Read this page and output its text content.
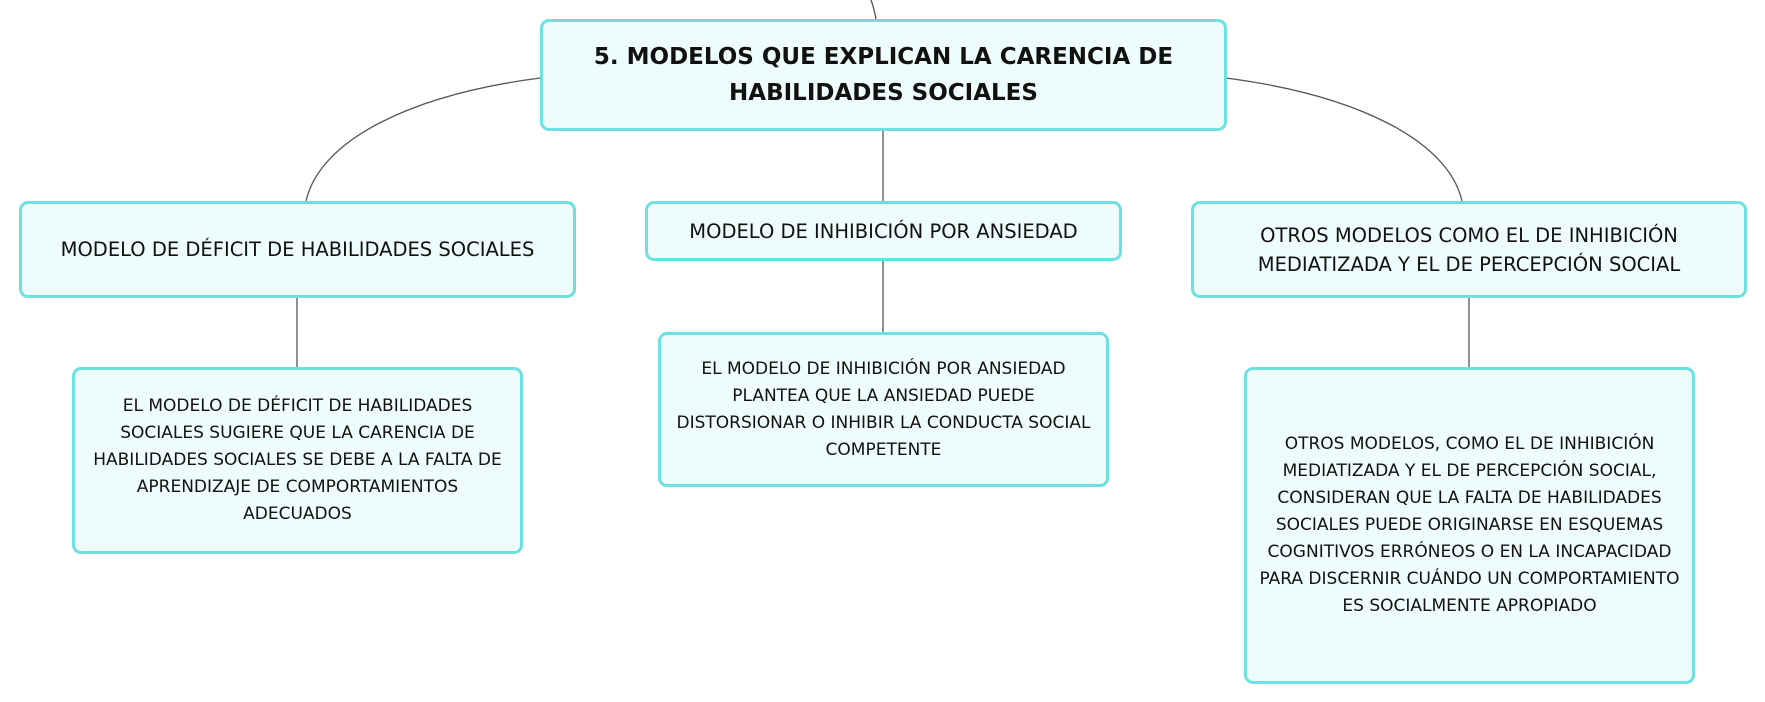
5. MODELOS QUE EXPLICAN LA CARENCIA DE HABILIDADES SOCIALES
MODELO DE DÉFICIT DE HABILIDADES SOCIALES
MODELO DE INHIBICIÓN POR ANSIEDAD	OTROS MODELOS COMO EL DE INHIBICIÓN MEDIATIZADA Y EL DE PERCEPCIÓN SOCIAL
EL MODELO DE DÉFICIT DE HABILIDADES SOCIALES SUGIERE QUE LA CARENCIA DE HABILIDADES SOCIALES SE DEBE A LA FALTA DE APRENDIZAJE DE COMPORTAMIENTOS ADECUADOS
EL MODELO DE INHIBICIÓN POR ANSIEDAD PLANTEA QUE LA ANSIEDAD PUEDE DISTORSIONAR O INHIBIR LA CONDUCTA SOCIAL COMPETENTE	OTROS MODELOS, COMO EL DE INHIBICIÓN MEDIATIZADA Y EL DE PERCEPCIÓN SOCIAL, CONSIDERAN QUE LA FALTA DE HABILIDADES SOCIALES PUEDE ORIGINARSE EN ESQUEMAS COGNITIVOS ERRÓNEOS O EN LA INCAPACIDAD PARA DISCERNIR CUÁNDO UN COMPORTAMIENTO ES SOCIALMENTE APROPIADO
